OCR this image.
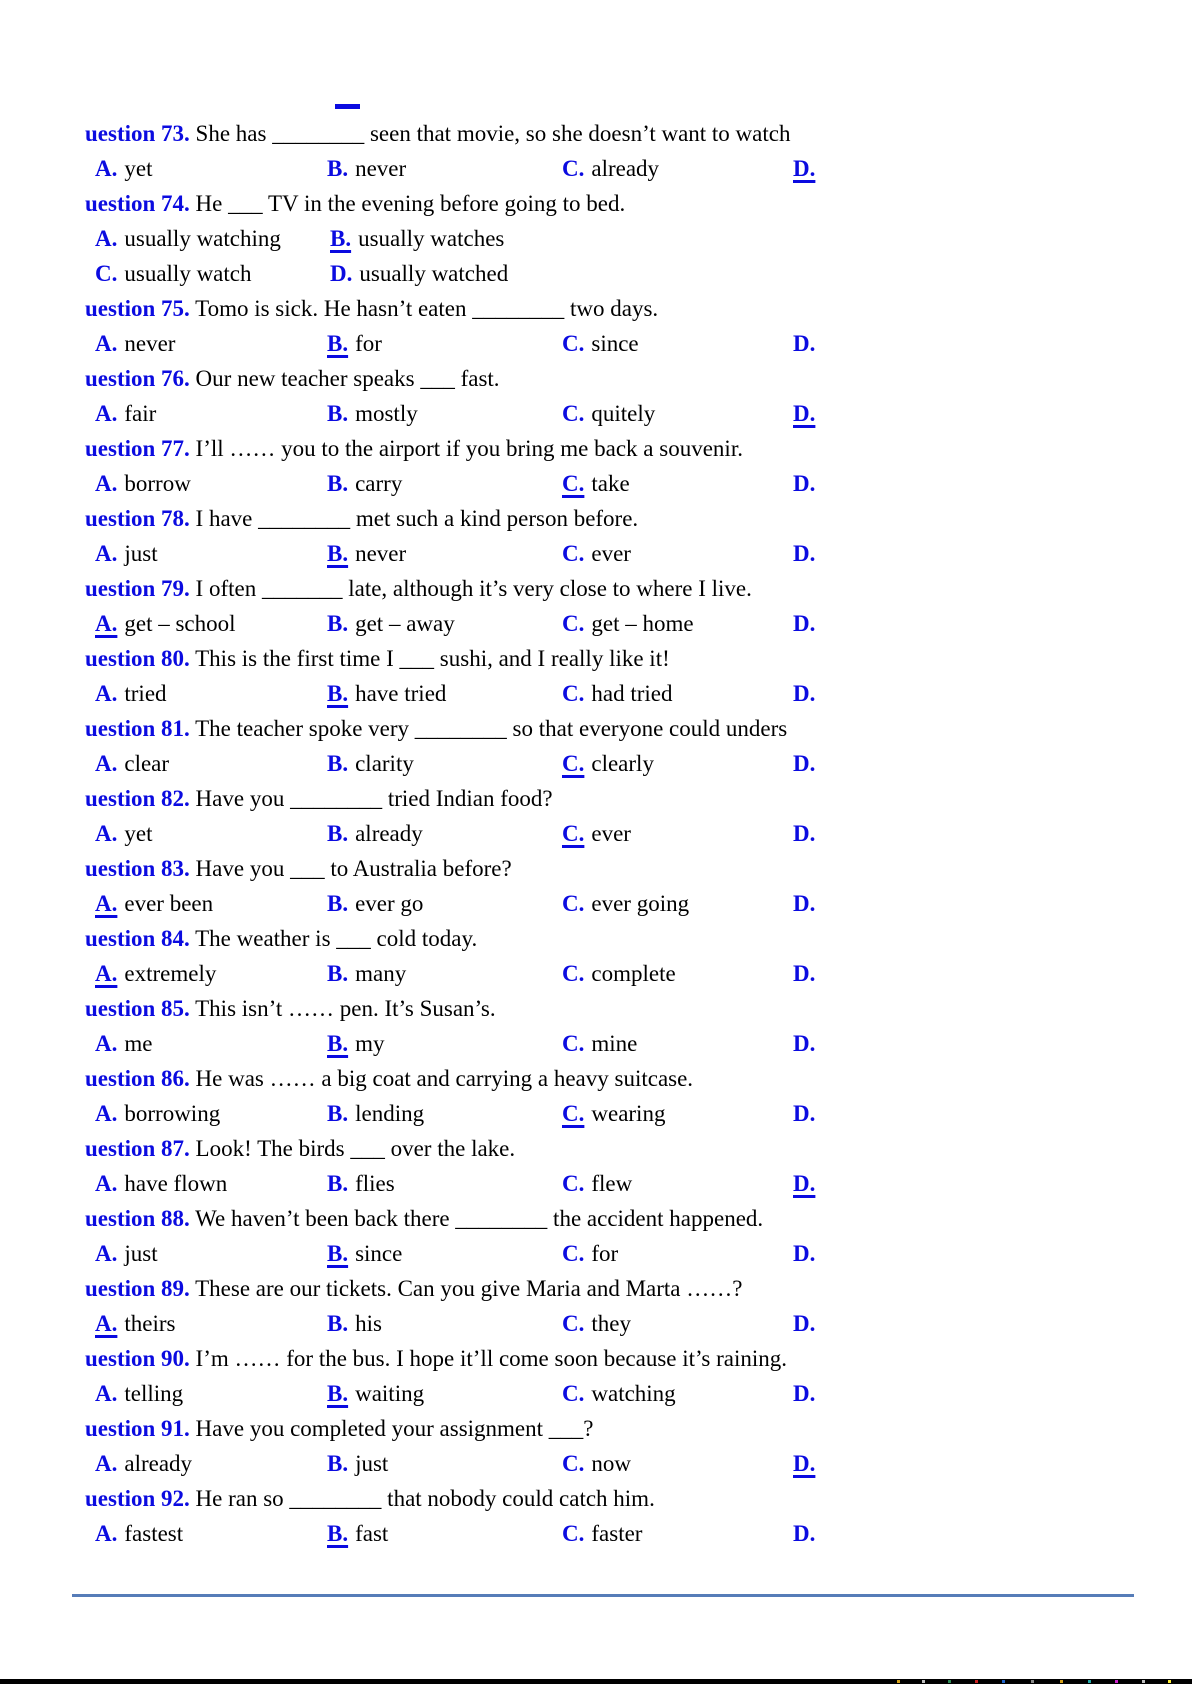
uestion 73. She has ________ seen that movie, so she doesn’t want to watch
A. yet	B. never	C. already	D.
uestion 74. He ___ TV in the evening before going to bed.
A. usually watching B. usually watches
C. usually watch	D. usually watched
uestion 75. Tomo is sick. He hasn’t eaten ________ two days.
A. never	B. for	C. since	D.
uestion 76. Our new teacher speaks ___ fast.
A. fair	B. mostly	C. quitely	D.
uestion 77. I’ll …… you to the airport if you bring me back a souvenir.
A. borrow	B. carry	C. take	D.
uestion 78. I have ________ met such a kind person before.
A. just	B. never	C. ever	D.
uestion 79. I often _______ late, although it’s very close to where I live.
A. get – school	B. get – away	C. get – home	D.
uestion 80. This is the first time I ___ sushi, and I really like it!
A. tried	B. have tried	C. had tried	D.
uestion 81. The teacher spoke very ________ so that everyone could unders
A. clear	B. clarity	C. clearly	D.
uestion 82. Have you ________ tried Indian food?
A. yet	B. already	C. ever	D.
uestion 83. Have you ___ to Australia before?
A. ever been	B. ever go	C. ever going	D.
uestion 84. The weather is ___ cold today.
A. extremely	B. many	C. complete	D.
uestion 85. This isn’t …… pen. It’s Susan’s.
A. me	B. my	C. mine	D.
uestion 86. He was …… a big coat and carrying a heavy suitcase.
A. borrowing	B. lending	C. wearing	D.
uestion 87. Look! The birds ___ over the lake.
A. have flown	B. flies	C. flew	D.
uestion 88. We haven’t been back there ________ the accident happened.
A. just	B. since	C. for	D.
uestion 89. These are our tickets. Can you give Maria and Marta ……?
A. theirs	B. his	C. they	D.
uestion 90. I’m …… for the bus. I hope it’ll come soon because it’s raining.
A. telling	B. waiting	C. watching	D.
uestion 91. Have you completed your assignment ___?
A. already	B. just	C. now	D.
uestion 92. He ran so ________ that nobody could catch him.
A. fastest	B. fast	C. faster	D.
